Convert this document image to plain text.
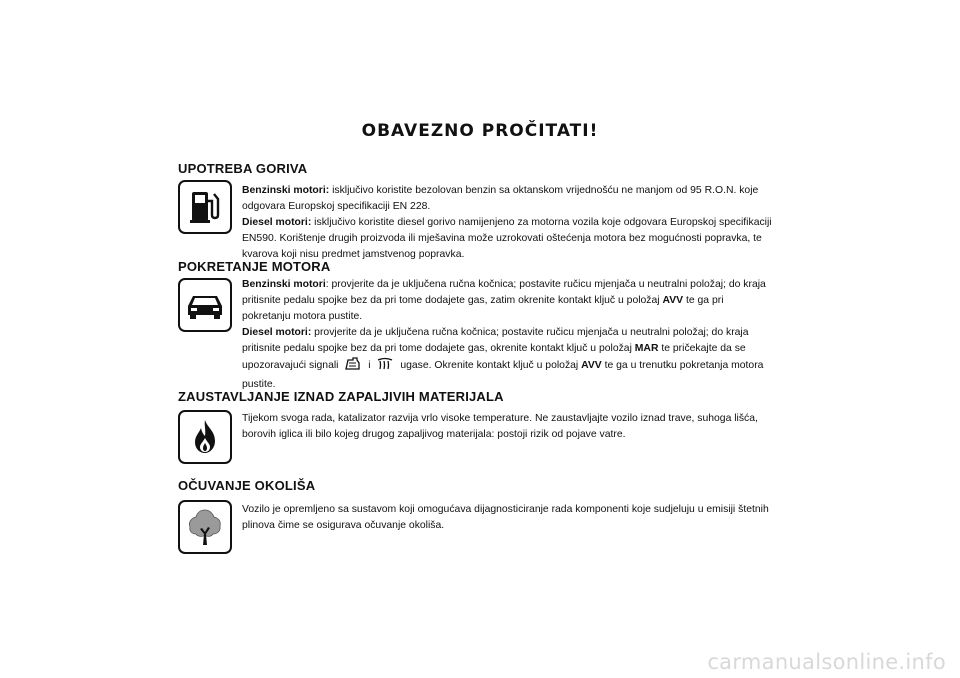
OBAVEZNO PROČITATI!
UPOTREBA GORIVA

Benzinski motori: isključivo koristite bezolovan benzin sa oktanskom vrijednošću ne manjom od 95 R.O.N. koje odgovara Europskoj specifikaciji EN 228.
Diesel motori: isključivo koristite diesel gorivo namijenjeno za motorna vozila koje odgovara Europskoj specifikaciji EN590. Korištenje drugih proizvoda ili mješavina može uzrokovati oštećenja motora bez mogućnosti popravka, te kvarova koji nisu predmet jamstvenog popravka.

POKRETANJE MOTORA

Benzinski motori: provjerite da je uključena ručna kočnica; postavite ručicu mjenjača u neutralni položaj; do kraja pritisnite pedalu spojke bez da pri tome dodajete gas, zatim okrenite kontakt ključ u položaj AVV te ga pri pokretanju motora pustite.
Diesel motori: provjerite da je uključena ručna kočnica; postavite ručicu mjenjača u neutralni položaj; do kraja pritisnite pedalu spojke bez da pri tome dodajete gas, okrenite kontakt ključ u položaj MAR te pričekajte da se upozoravajući signali  i  ugase. Okrenite kontakt ključ u položaj AVV te ga u trenutku pokretanja motora pustite.

ZAUSTAVLJANJE IZNAD ZAPALJIVIH MATERIJALA

Tijekom svoga rada, katalizator razvija vrlo visoke temperature. Ne zaustavljajte vozilo iznad trave, suhoga lišća, borovih iglica ili bilo kojeg drugog zapaljivog materijala: postoji rizik od pojave vatre.

OČUVANJE OKOLIŠA

Vozilo je opremljeno sa sustavom koji omogućava dijagnosticiranje rada komponenti koje sudjeluju u emisiji štetnih plinova čime se osigurava očuvanje okoliša.

carmanualsonline.info
